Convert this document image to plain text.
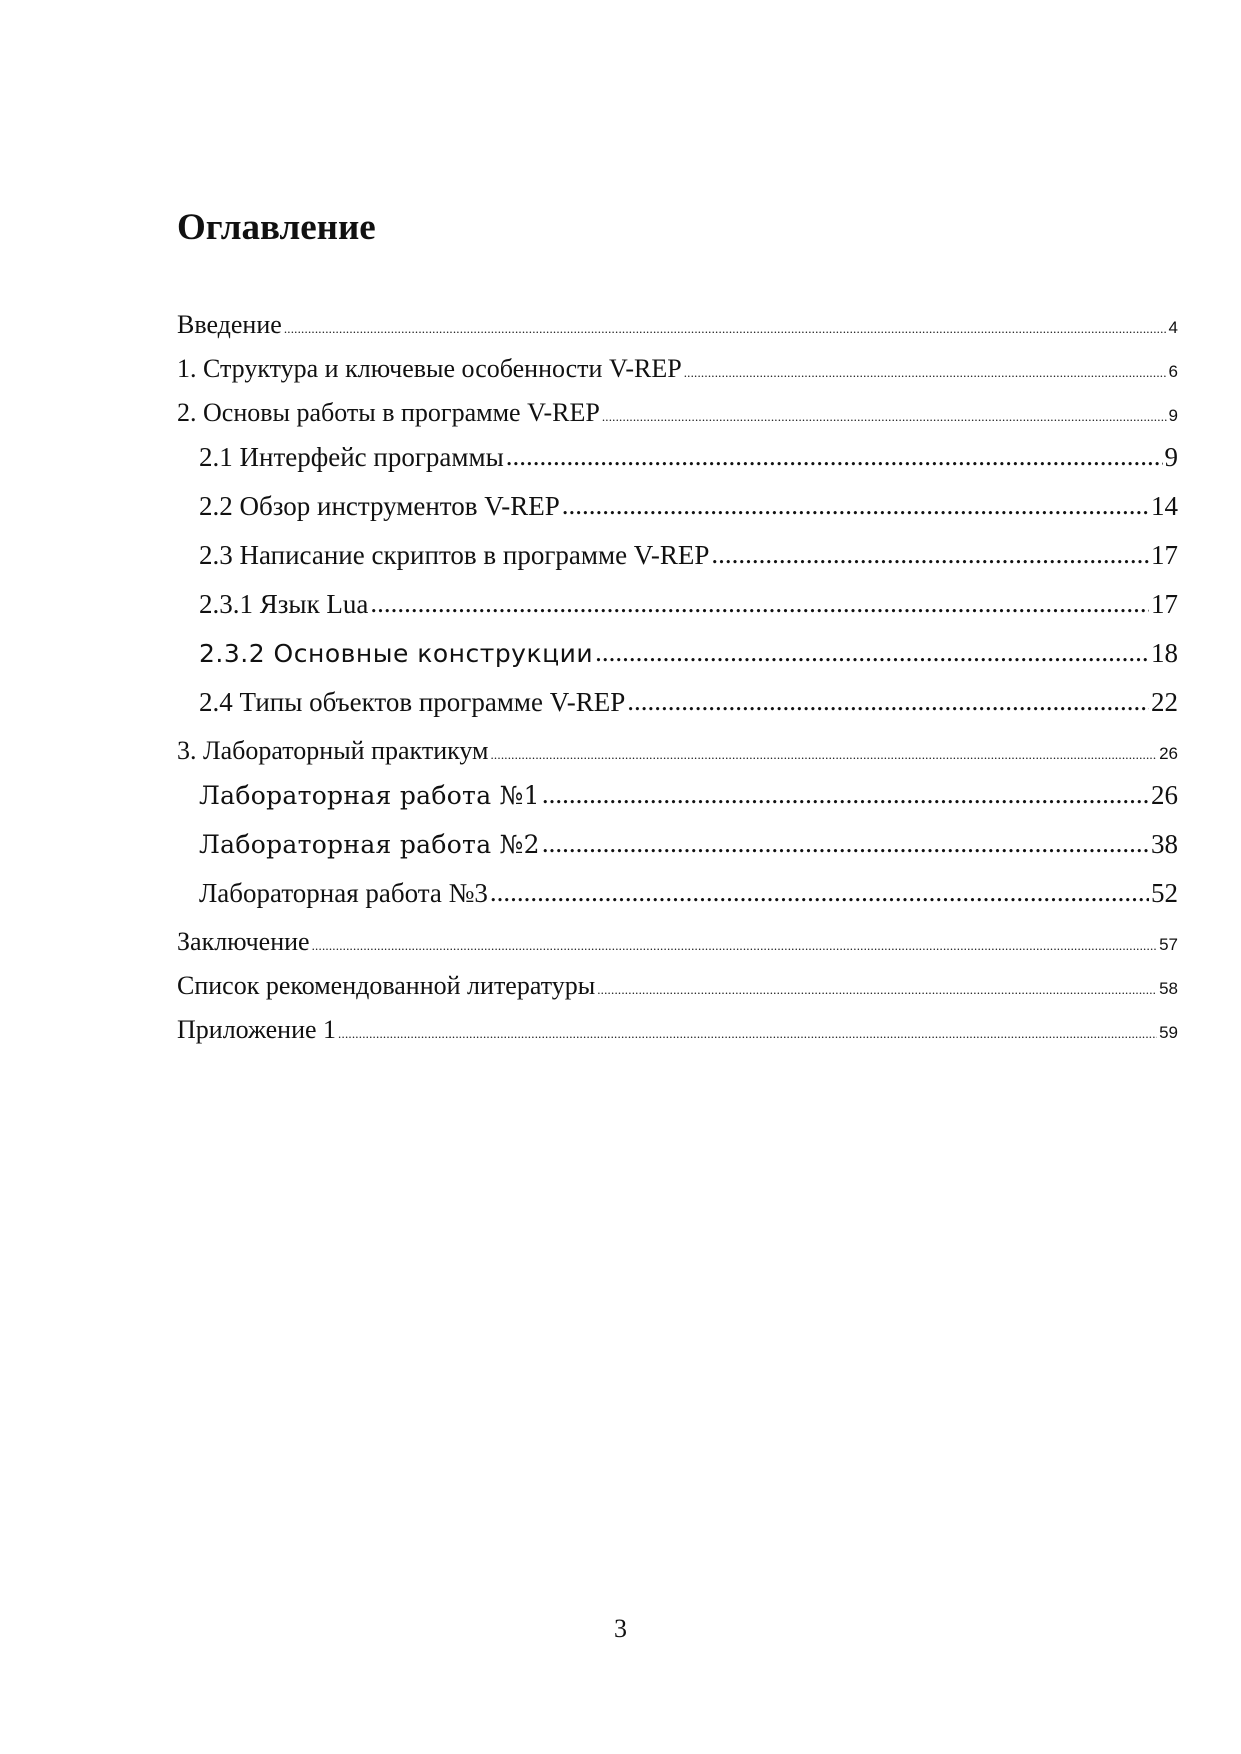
Оглавление
Введение .....	4
1. Структура и ключевые особенности V-REP .....	6
2. Основы работы в программе V-REP .....	9
2.1 Интерфейс программы .....	9
2.2 Обзор инструментов V-REP .....	14
2.3 Написание скриптов в программе V-REP .....	17
2.3.1 Язык Lua .....	17
2.3.2 Основные конструкции .....	18
2.4 Типы объектов программе V-REP .....	22
3. Лабораторный практикум .....	26
Лабораторная работа №1 .....	26
Лабораторная работа №2 .....	38
Лабораторная работа №3 .....	52
Заключение .....	57
Список рекомендованной литературы .....	58
Приложение 1 .....	59
3
